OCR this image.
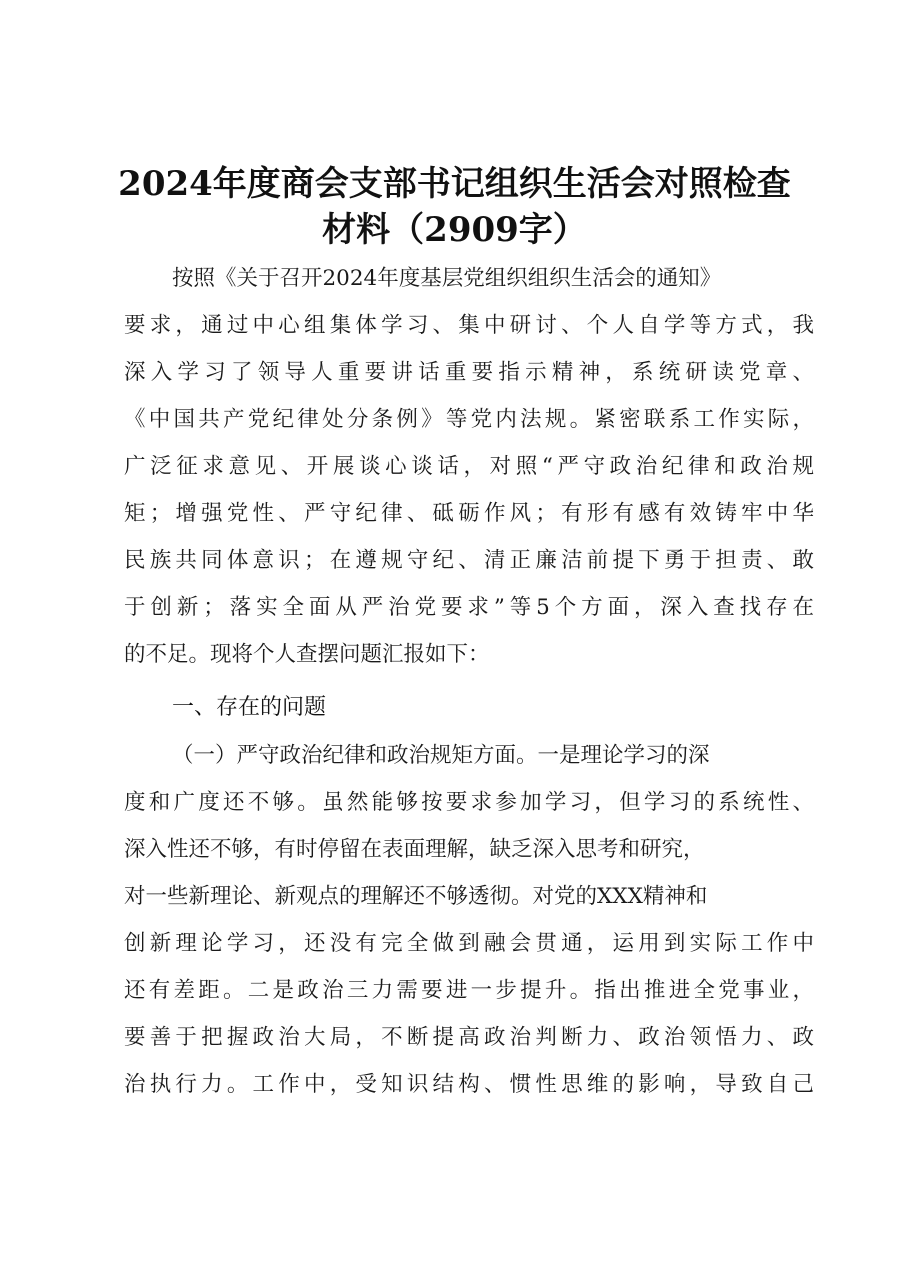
2024年度商会支部书记组织生活会对照检查
材料（2909字）
按照《关于召开2024年度基层党组织组织生活会的通知》
要求，通过中心组集体学习、集中研讨、个人自学等方式，我
深入学习了领导人重要讲话重要指示精神，系统研读党章、
《中国共产党纪律处分条例》等党内法规。紧密联系工作实际，
广泛征求意见、开展谈心谈话，对照“严守政治纪律和政治规
矩；增强党性、严守纪律、砥砺作风；有形有感有效铸牢中华
民族共同体意识；在遵规守纪、清正廉洁前提下勇于担责、敢
于创新；落实全面从严治党要求”等5个方面，深入查找存在
的不足。现将个人查摆问题汇报如下：
一、存在的问题
（一）严守政治纪律和政治规矩方面。一是理论学习的深
度和广度还不够。虽然能够按要求参加学习，但学习的系统性、
深入性还不够，有时停留在表面理解，缺乏深入思考和研究，
对一些新理论、新观点的理解还不够透彻。对党的XXX精神和
创新理论学习，还没有完全做到融会贯通，运用到实际工作中
还有差距。二是政治三力需要进一步提升。指出推进全党事业，
要善于把握政治大局，不断提高政治判断力、政治领悟力、政
治执行力。工作中，受知识结构、惯性思维的影响，导致自己
